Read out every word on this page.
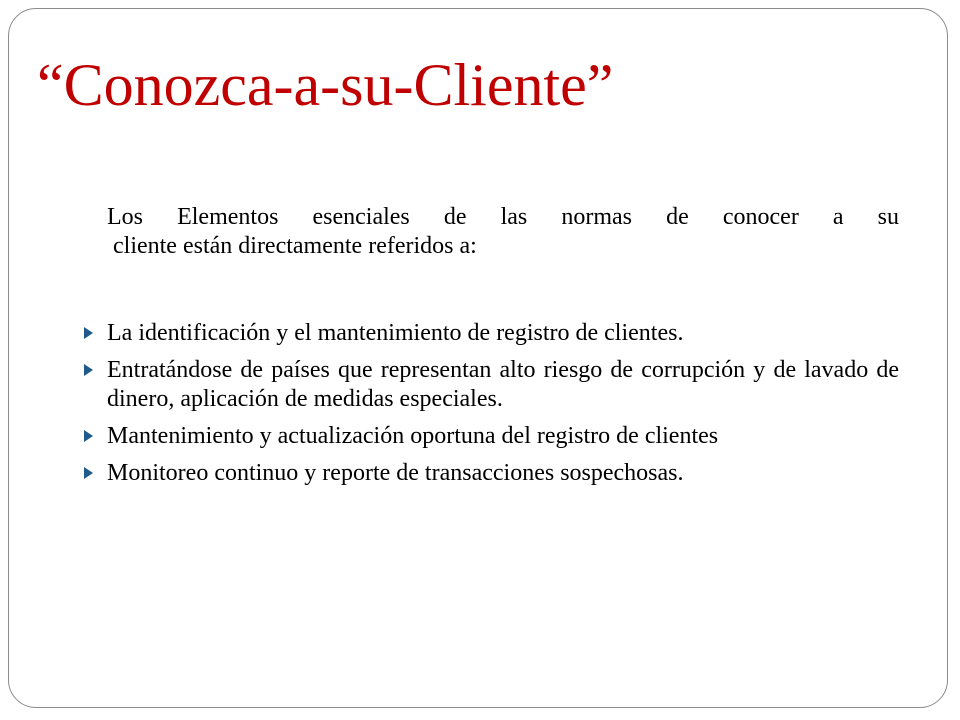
“Conozca-a-su-Cliente”

Los Elementos esenciales de las normas de conocer a su
cliente están directamente referidos a:

La identificación y el mantenimiento de registro de clientes.
Entratándose de países que representan alto riesgo de corrupción y de lavado de dinero, aplicación de medidas especiales.
Mantenimiento y actualización oportuna del registro de clientes
Monitoreo continuo y reporte de transacciones sospechosas.
